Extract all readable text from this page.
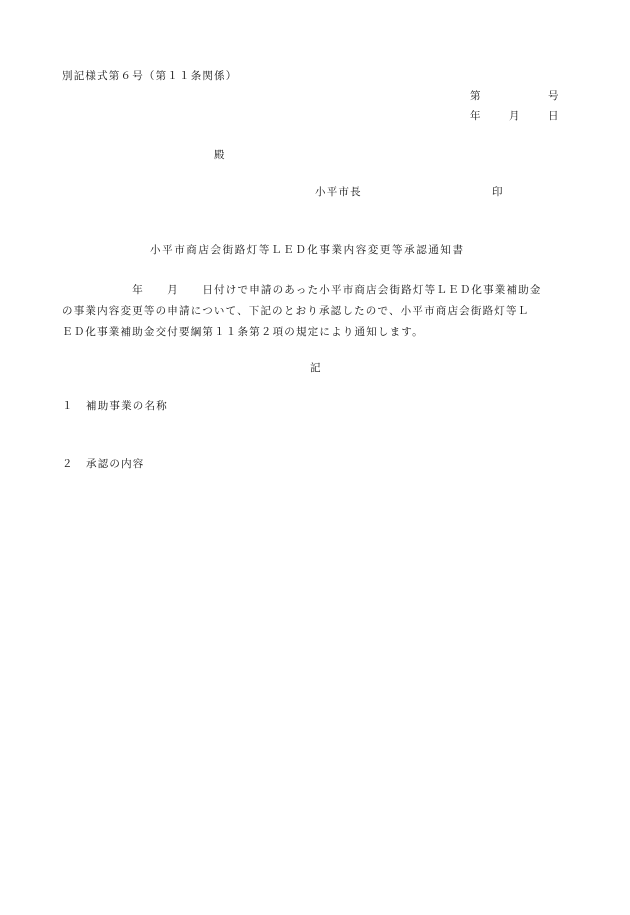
別記様式第６号（第１１条関係）
第	号
年	月	日
殿
小平市長	印
小平市商店会街路灯等ＬＥＤ化事業内容変更等承認通知書
　　　　　　年　　月　　日付けで申請のあった小平市商店会街路灯等ＬＥＤ化事業補助金
の事業内容変更等の申請について、下記のとおり承認したので、小平市商店会街路灯等Ｌ
ＥＤ化事業補助金交付要綱第１１条第２項の規定により通知します。
記
１ 補助事業の名称
２ 承認の内容
